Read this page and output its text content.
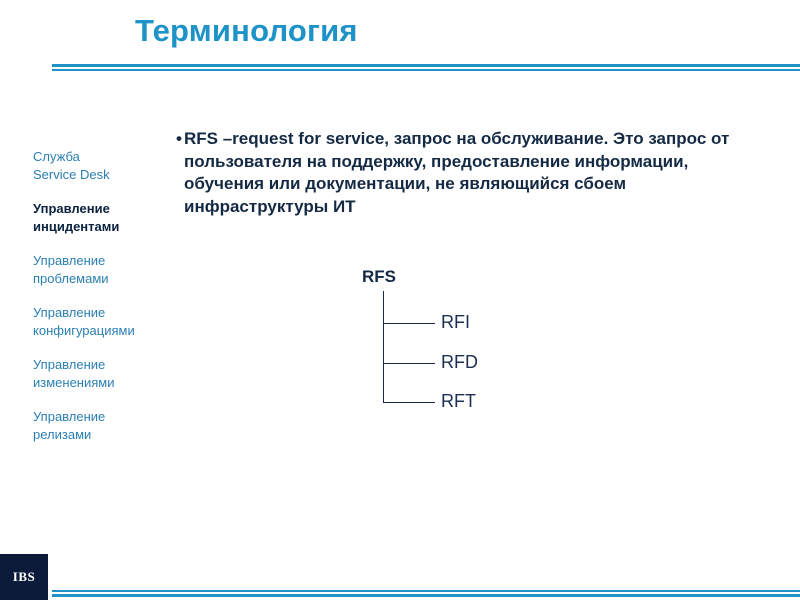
Терминология
Служба Service Desk
Управление инцидентами
Управление проблемами
Управление конфигурациями
Управление изменениями
Управление релизами
• RFS –request for service, запрос на обслуживание. Это запрос от пользователя на поддержку, предоставление информации, обучения или документации, не являющийся сбоем инфраструктуры ИТ

RFS
RFI
RFD
RFT
IBS
